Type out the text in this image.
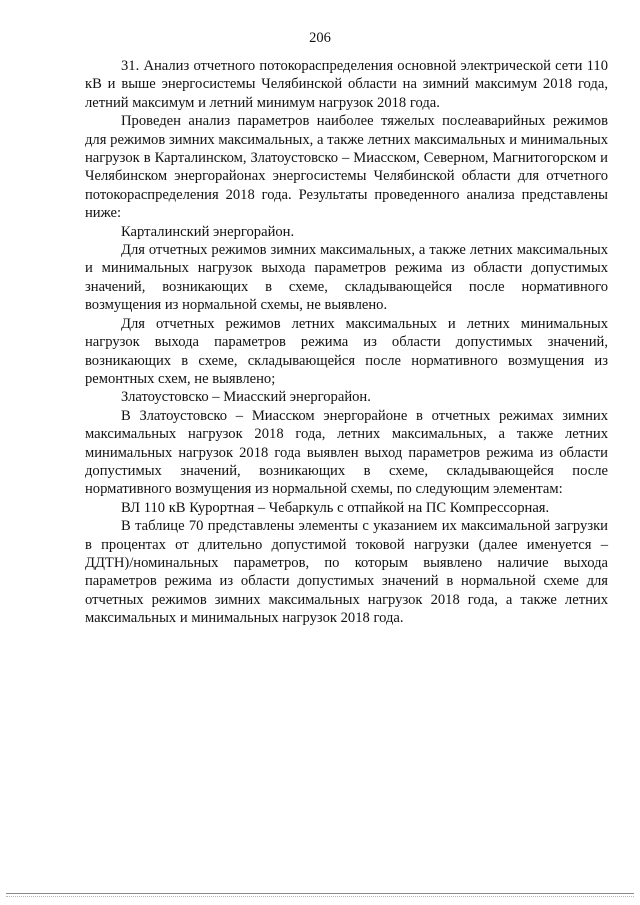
206

31. Анализ отчетного потокораспределения основной электрической сети 110 кВ и выше энергосистемы Челябинской области на зимний максимум 2018 года, летний максимум и летний минимум нагрузок 2018 года.

Проведен анализ параметров наиболее тяжелых послеаварийных режимов для режимов зимних максимальных, а также летних максимальных и минимальных нагрузок в Карталинском, Златоустовско – Миасском, Северном, Магнитогорском и Челябинском энергорайонах энергосистемы Челябинской области для отчетного потокораспределения 2018 года. Результаты проведенного анализа представлены ниже:

Карталинский энергорайон.

Для отчетных режимов зимних максимальных, а также летних максимальных и минимальных нагрузок выхода параметров режима из области допустимых значений, возникающих в схеме, складывающейся после нормативного возмущения из нормальной схемы, не выявлено.

Для отчетных режимов летних максимальных и летних минимальных нагрузок выхода параметров режима из области допустимых значений, возникающих в схеме, складывающейся после нормативного возмущения из ремонтных схем, не выявлено;

Златоустовско – Миасский энергорайон.

В Златоустовско – Миасском энергорайоне в отчетных режимах зимних максимальных нагрузок 2018 года, летних максимальных, а также летних минимальных нагрузок 2018 года выявлен выход параметров режима из области допустимых значений, возникающих в схеме, складывающейся после нормативного возмущения из нормальной схемы, по следующим элементам:

ВЛ 110 кВ Курортная – Чебаркуль с отпайкой на ПС Компрессорная.

В таблице 70 представлены элементы с указанием их максимальной загрузки в процентах от длительно допустимой токовой нагрузки (далее именуется – ДДТН)/номинальных параметров, по которым выявлено наличие выхода параметров режима из области допустимых значений в нормальной схеме для отчетных режимов зимних максимальных нагрузок 2018 года, а также летних максимальных и минимальных нагрузок 2018 года.
